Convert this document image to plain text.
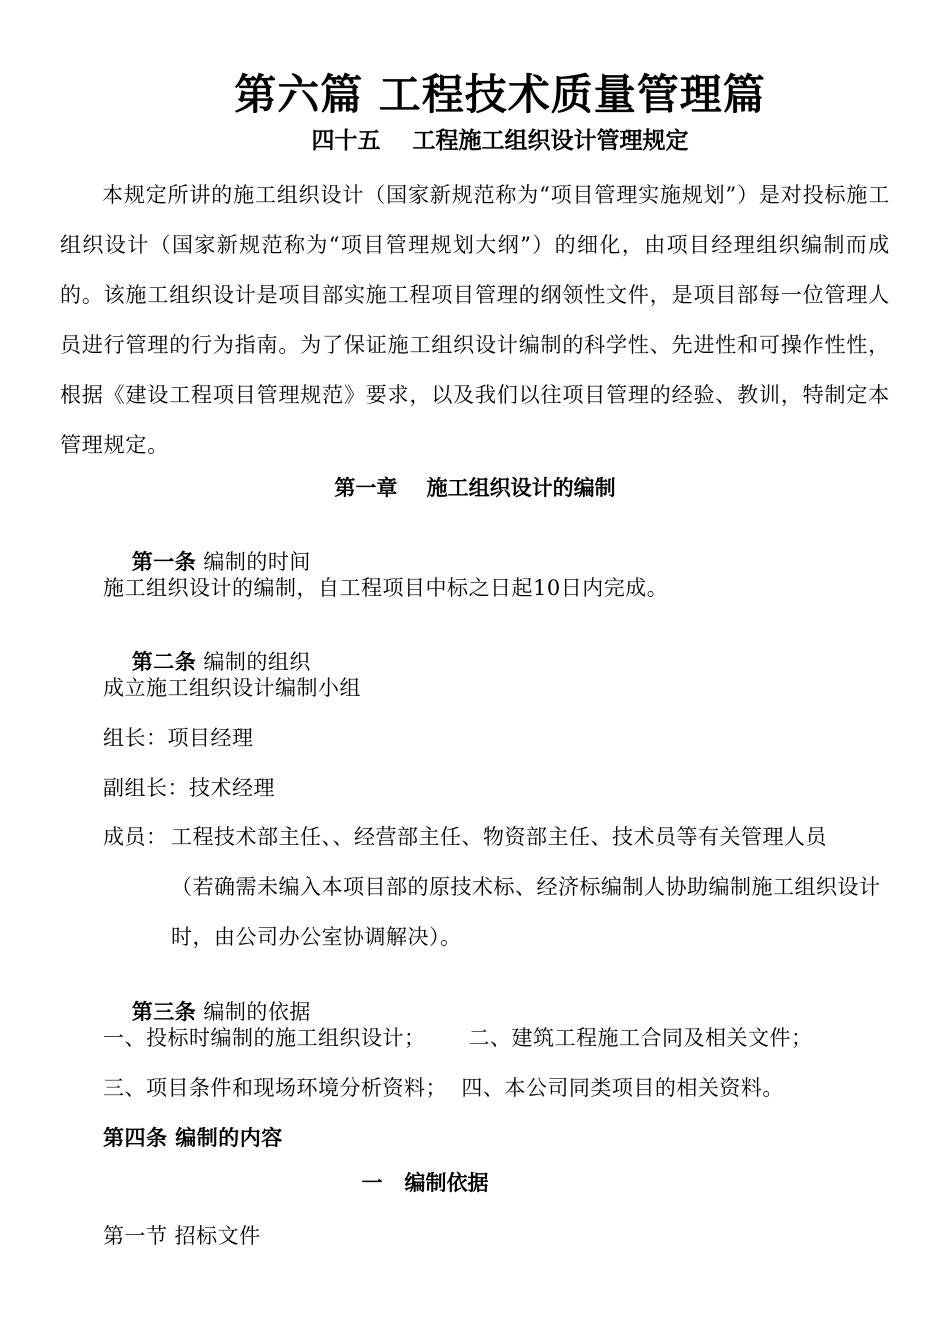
第六篇 工程技术质量管理篇
四十五    工程施工组织设计管理规定
本规定所讲的施工组织设计（国家新规范称为“项目管理实施规划”）是对投标施工组织设计（国家新规范称为“项目管理规划大纲”）的细化，由项目经理组织编制而成的。该施工组织设计是项目部实施工程项目管理的纲领性文件，是项目部每一位管理人员进行管理的行为指南。为了保证施工组织设计编制的科学性、先进性和可操作性性，根据《建设工程项目管理规范》要求，以及我们以往项目管理的经验、教训，特制定本管理规定。
第一章    施工组织设计的编制

第一条 编制的时间

施工组织设计的编制，自工程项目中标之日起10日内完成。

第二条 编制的组织

成立施工组织设计编制小组
组长：项目经理
副组长：技术经理
成员： 工程技术部主任、、经营部主任、物资部主任、技术员等有关管理人员
（若确需未编入本项目部的原技术标、经济标编制人协助编制施工组织设计时，由公司办公室协调解决）。

第三条 编制的依据

一、投标时编制的施工组织设计；      二、建筑工程施工合同及相关文件；
三、项目条件和现场环境分析资料；  四、本公司同类项目的相关资料。
第四条 编制的内容
一   编制依据
第一节 招标文件
